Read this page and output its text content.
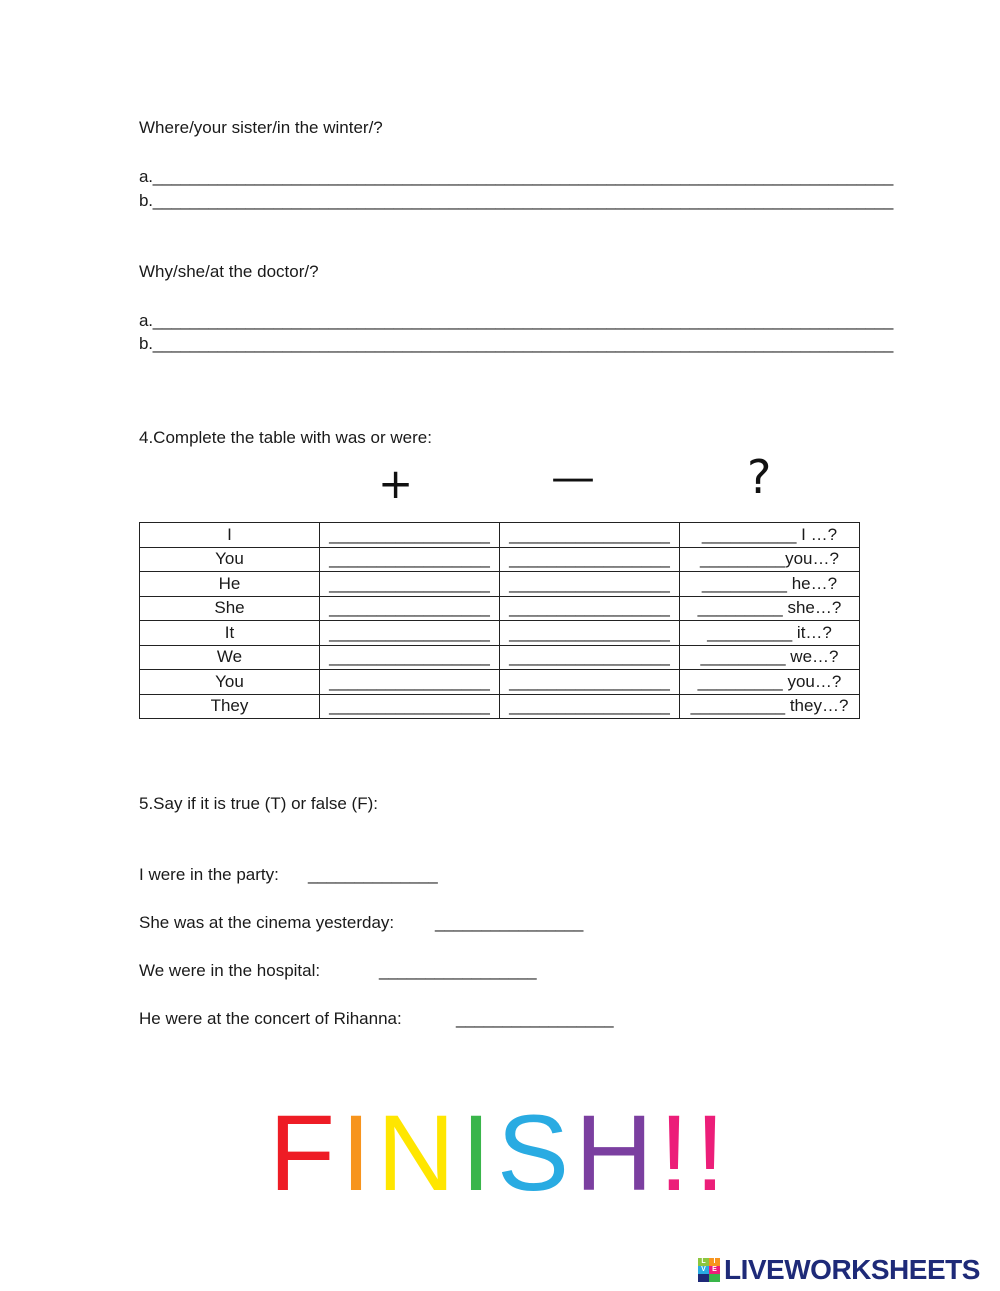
Where/your sister/in the winter/?
a.________________________________________________________________________________
b.________________________________________________________________________________
Why/she/at the doctor/?
a.________________________________________________________________________________
b.________________________________________________________________________________
4.Complete the table with was or were:
+	—	?
I	_________________	_________________	__________ I …?
You	_________________	_________________	_________you…?
He	_________________	_________________	_________ he…?
She	_________________	_________________	_________ she…?
It	_________________	_________________	_________ it…?
We	_________________	_________________	_________ we…?
You	_________________	_________________	_________ you…?
They	_________________	_________________	__________ they…?
5.Say if it is true (T) or false (F):
I were in the party: ______________
She was at the cinema yesterday: ________________
We were in the hospital:	_________________
He were at the concert of Rihanna:	_________________
FINISH!!
L	I
V E LIVEWORKSHEETS
